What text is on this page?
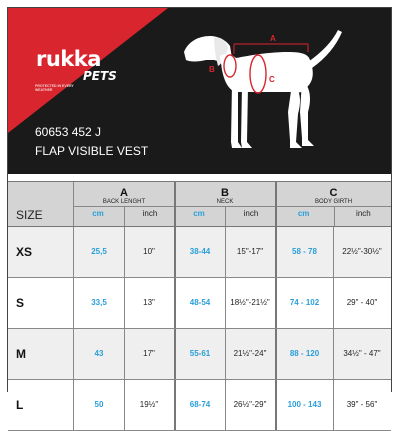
rukka
PETS
PROTECTED IN EVERY WEATHER
60653 452 J
FLAP VISIBLE VEST
A
B
C
SIZE
A
BACK LENGHT
cm	inch
B
NECK
cm	inch
C
BODY GIRTH
cm	inch
XS	25,5	10"	38-44	15"-17"	58 - 78	22½"-30½"
S	33,5	13"	48-54	18½"-21½"	74 - 102	29" - 40"
M	43	17"	55-61	21½"-24"	88 - 120	34½" - 47"
L	50	19½"	68-74	26½"-29"	100 - 143	39" - 56"
